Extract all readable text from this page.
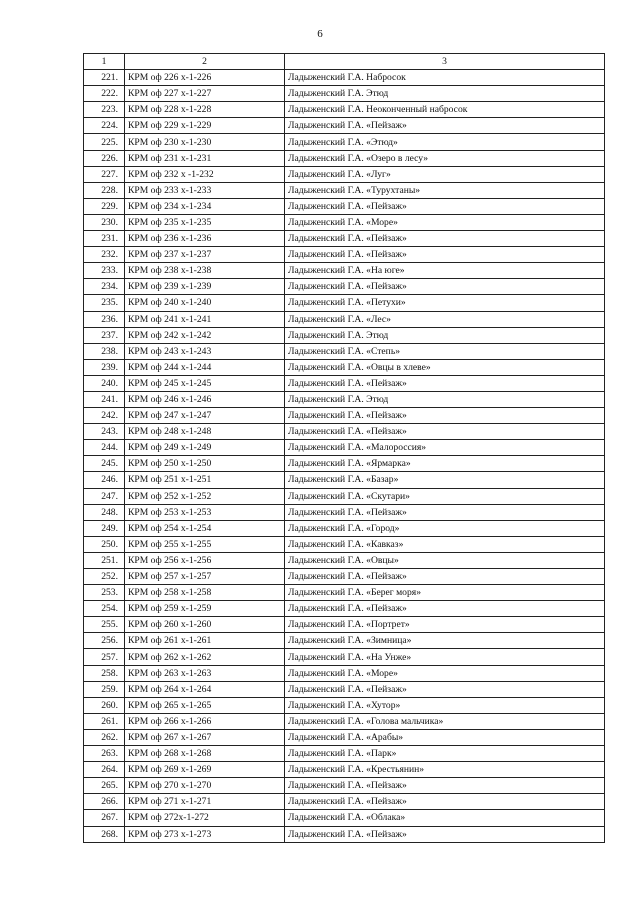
6
1	2	3
221.	КРМ оф 226 х-1-226	Ладыженский Г.А. Набросок
222.	КРМ оф 227 х-1-227	Ладыженский Г.А. Этюд
223.	КРМ оф 228 х-1-228	Ладыженский Г.А. Неоконченный набросок
224.	КРМ оф 229 х-1-229	Ладыженский Г.А. «Пейзаж»
225.	КРМ оф 230 х-1-230	Ладыженский Г.А. «Этюд»
226.	КРМ оф 231 х-1-231	Ладыженский Г.А. «Озеро в лесу»
227.	КРМ оф 232 х -1-232	Ладыженский Г.А. «Луг»
228.	КРМ оф 233 х-1-233	Ладыженский Г.А. «Турухтаны»
229.	КРМ оф 234 х-1-234	Ладыженский Г.А. «Пейзаж»
230.	КРМ оф 235 х-1-235	Ладыженский Г.А. «Море»
231.	КРМ оф 236 х-1-236	Ладыженский Г.А. «Пейзаж»
232.	КРМ оф 237 х-1-237	Ладыженский Г.А. «Пейзаж»
233.	КРМ оф 238 х-1-238	Ладыженский Г.А. «На юге»
234.	КРМ оф 239 х-1-239	Ладыженский Г.А. «Пейзаж»
235.	КРМ оф 240 х-1-240	Ладыженский Г.А. «Петухи»
236.	КРМ оф 241 х-1-241	Ладыженский Г.А. «Лес»
237.	КРМ оф 242 х-1-242	Ладыженский Г.А. Этюд
238.	КРМ оф 243 х-1-243	Ладыженский Г.А. «Степь»
239.	КРМ оф 244 х-1-244	Ладыженский Г.А. «Овцы в хлеве»
240.	КРМ оф 245 х-1-245	Ладыженский Г.А. «Пейзаж»
241.	КРМ оф 246 х-1-246	Ладыженский Г.А. Этюд
242.	КРМ оф 247 х-1-247	Ладыженский Г.А. «Пейзаж»
243.	КРМ оф 248 х-1-248	Ладыженский Г.А. «Пейзаж»
244.	КРМ оф 249 х-1-249	Ладыженский Г.А. «Малороссия»
245.	КРМ оф 250 х-1-250	Ладыженский Г.А. «Ярмарка»
246.	КРМ оф 251 х-1-251	Ладыженский Г.А. «Базар»
247.	КРМ оф 252 х-1-252	Ладыженский Г.А. «Скутари»
248.	КРМ оф 253 х-1-253	Ладыженский Г.А. «Пейзаж»
249.	КРМ оф 254 х-1-254	Ладыженский Г.А. «Город»
250.	КРМ оф 255 х-1-255	Ладыженский Г.А. «Кавказ»
251.	КРМ оф 256 х-1-256	Ладыженский Г.А. «Овцы»
252.	КРМ оф 257 х-1-257	Ладыженский Г.А. «Пейзаж»
253.	КРМ оф 258 х-1-258	Ладыженский Г.А. «Берег моря»
254.	КРМ оф 259 х-1-259	Ладыженский Г.А. «Пейзаж»
255.	КРМ оф 260 х-1-260	Ладыженский Г.А. «Портрет»
256.	КРМ оф 261 х-1-261	Ладыженский Г.А. «Зимница»
257.	КРМ оф 262 х-1-262	Ладыженский Г.А. «На Унже»
258.	КРМ оф 263 х-1-263	Ладыженский Г.А. «Море»
259.	КРМ оф 264 х-1-264	Ладыженский Г.А. «Пейзаж»
260.	КРМ оф 265 х-1-265	Ладыженский Г.А. «Хутор»
261.	КРМ оф 266 х-1-266	Ладыженский Г.А. «Голова мальчика»
262.	КРМ оф 267 х-1-267	Ладыженский Г.А. «Арабы»
263.	КРМ оф 268 х-1-268	Ладыженский Г.А. «Парк»
264.	КРМ оф 269 х-1-269	Ладыженский Г.А. «Крестьянин»
265.	КРМ оф 270 х-1-270	Ладыженский Г.А. «Пейзаж»
266.	КРМ оф 271 х-1-271	Ладыженский Г.А. «Пейзаж»
267.	КРМ оф 272х-1-272	Ладыженский Г.А. «Облака»
268.	КРМ оф 273 х-1-273	Ладыженский Г.А. «Пейзаж»
